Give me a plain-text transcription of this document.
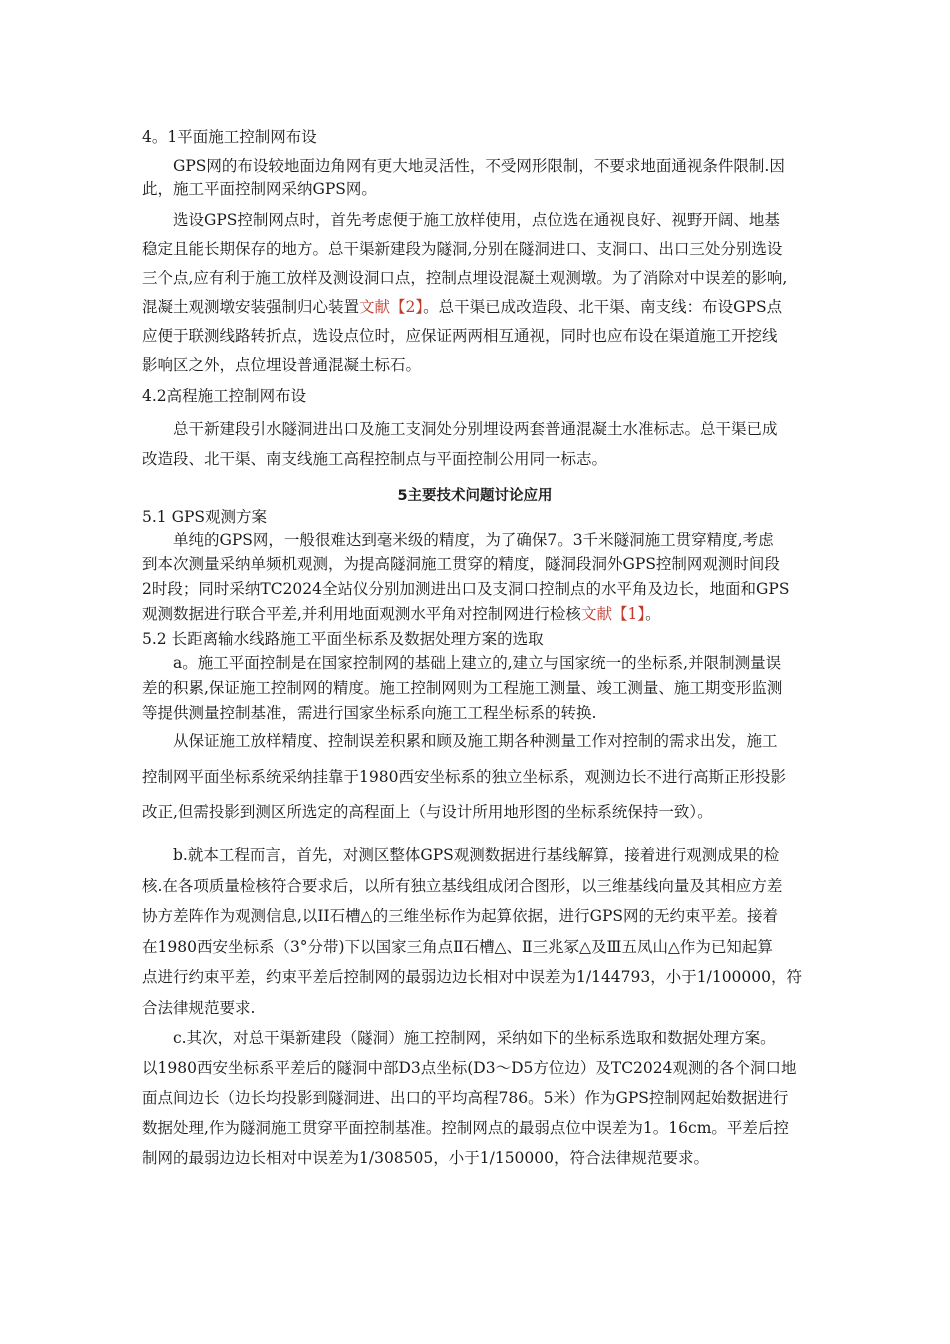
4。1平面施工控制网布设
GPS网的布设较地面边角网有更大地灵活性，不受网形限制，不要求地面通视条件限制.因
此，施工平面控制网采纳GPS网。
选设GPS控制网点时，首先考虑便于施工放样使用，点位选在通视良好、视野开阔、地基
稳定且能长期保存的地方。总干渠新建段为隧洞,分别在隧洞进口、支洞口、出口三处分别选设
三个点,应有利于施工放样及测设洞口点，控制点埋设混凝土观测墩。为了消除对中误差的影响,
混凝土观测墩安装强制归心装置文献【2】。总干渠已成改造段、北干渠、南支线：布设GPS点
应便于联测线路转折点，选设点位时，应保证两两相互通视，同时也应布设在渠道施工开挖线
影响区之外，点位埋设普通混凝土标石。
4.2高程施工控制网布设
总干新建段引水隧洞进出口及施工支洞处分别埋设两套普通混凝土水准标志。总干渠已成
改造段、北干渠、南支线施工高程控制点与平面控制公用同一标志。
5主要技术问题讨论应用
5.1 GPS观测方案
单纯的GPS网，一般很难达到毫米级的精度，为了确保7。3千米隧洞施工贯穿精度,考虑
到本次测量采纳单频机观测，为提高隧洞施工贯穿的精度，隧洞段洞外GPS控制网观测时间段
2时段；同时采纳TC2024全站仪分别加测进出口及支洞口控制点的水平角及边长，地面和GPS
观测数据进行联合平差,并利用地面观测水平角对控制网进行检核文献【1】。
5.2 长距离输水线路施工平面坐标系及数据处理方案的选取
a。施工平面控制是在国家控制网的基础上建立的,建立与国家统一的坐标系,并限制测量误
差的积累,保证施工控制网的精度。施工控制网则为工程施工测量、竣工测量、施工期变形监测
等提供测量控制基准，需进行国家坐标系向施工工程坐标系的转换.
从保证施工放样精度、控制误差积累和顾及施工期各种测量工作对控制的需求出发，施工
控制网平面坐标系统采纳挂靠于1980西安坐标系的独立坐标系，观测边长不进行高斯正形投影
改正,但需投影到测区所选定的高程面上（与设计所用地形图的坐标系统保持一致）。
b.就本工程而言，首先，对测区整体GPS观测数据进行基线解算，接着进行观测成果的检
核.在各项质量检核符合要求后，以所有独立基线组成闭合图形，以三维基线向量及其相应方差
协方差阵作为观测信息,以II石槽△的三维坐标作为起算依据，进行GPS网的无约束平差。接着
在1980西安坐标系（3°分带)下以国家三角点Ⅱ石槽△、Ⅱ三兆冢△及Ⅲ五凤山△作为已知起算
点进行约束平差，约束平差后控制网的最弱边边长相对中误差为1/144793，小于1/100000，符
合法律规范要求.
c.其次，对总干渠新建段（隧洞）施工控制网，采纳如下的坐标系选取和数据处理方案。
以1980西安坐标系平差后的隧洞中部D3点坐标(D3～D5方位边）及TC2024观测的各个洞口地
面点间边长（边长均投影到隧洞进、出口的平均高程786。5米）作为GPS控制网起始数据进行
数据处理,作为隧洞施工贯穿平面控制基准。控制网点的最弱点位中误差为1。16cm。平差后控
制网的最弱边边长相对中误差为1/308505，小于1/150000，符合法律规范要求。
